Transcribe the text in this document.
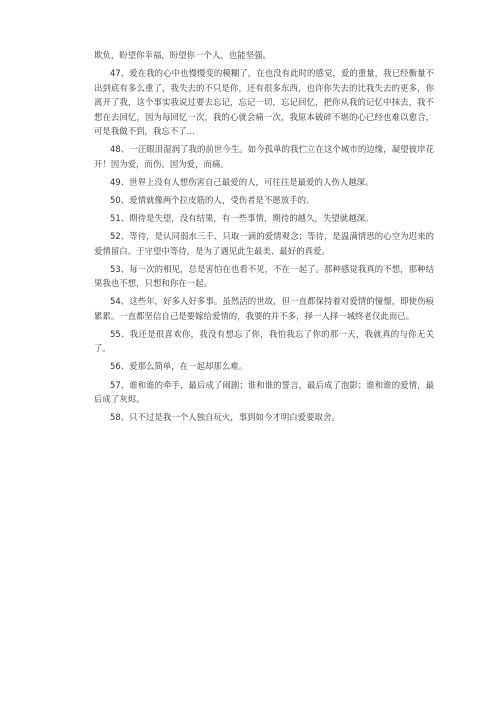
欺负，盼望你幸福，盼望你一个人，也能坚强。

47、爱在我的心中也慢慢变的模糊了，在也没有此时的感觉，爱的重量，我已经衡量不出到底有多么重了，我失去的不只是你，还有很多东西，也许你失去的比我失去的更多，你离开了我，这个事实我说过要去忘记，忘记一切，忘记回忆，把你从我的记忆中抹去，我不想在去回忆，因为每回忆一次，我的心就会痛一次，我原本破碎不堪的心已经也难以愈合，可是我做不到，我忘不了...

48、一汪眼泪湿润了我的前世今生。如今孤单的我伫立在这个城市的边缘，凝望彼岸花开！因为爱，而伤。因为爱，而痛。

49、世界上没有人想伤害自己最爱的人，可往往是最爱的人伤人越深。

50、爱情就像两个拉皮筋的人，受伤者是不愿放手的。

51、期待是失望，没有结果，有一些事情，期待的越久，失望就越深。

52、等待，是认同弱水三千、只取一滴的爱情观念；等待，是温满情思的心空为迟来的爱情留白。于守望中等待，是为了遇见此生最美、最好的真爱。

53、每一次的相见，总是害怕在也看不见，不在一起了。那种感觉我真的不想，那种结果我也不想，只想和你在一起。

54、这些年，好多人好多事。虽然活的世故，但一直都保持着对爱情的憧憬，即使伤痕累累。一直都坚信自己是要嫁给爱情的，我要的并不多，择一人择一城终老仅此而已。

55、我还是很喜欢你，我没有想忘了你，我怕我忘了你的那一天，我就真的与你无关了。

56、爱那么简单，在一起却那么难。

57、谁和谁的牵手，最后成了闹剧；谁和谁的誓言，最后成了泡影；谁和谁的爱情，最后成了灰烬。

58、只不过是我一个人独自玩火，事到如今才明白爱要取舍。
